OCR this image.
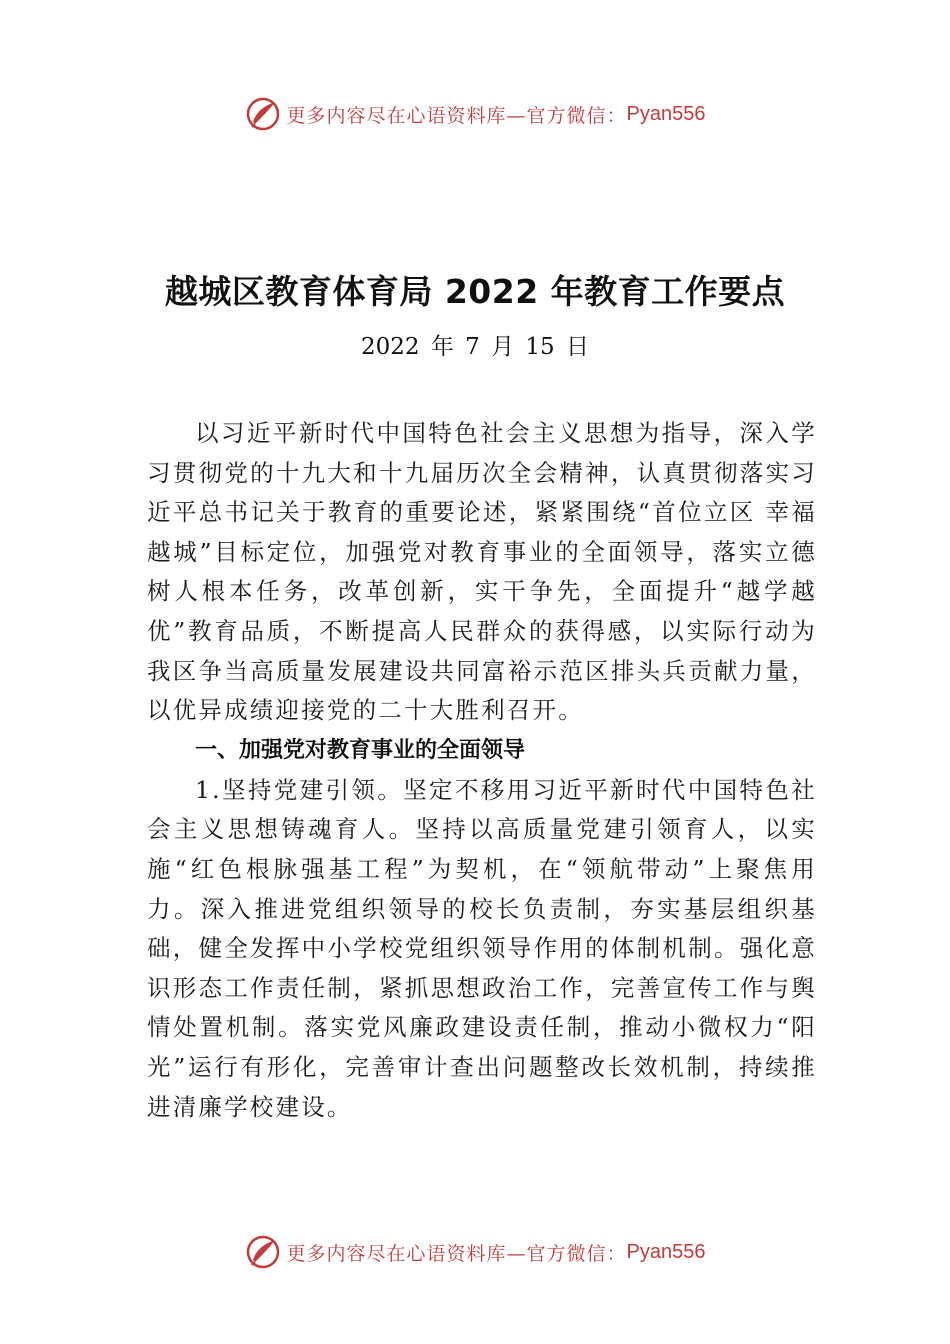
更多内容尽在心语资料库—官方微信： Pyan556
越城区教育体育局 2022 年教育工作要点
2022 年 7 月 15 日

以习近平新时代中国特色社会主义思想为指导，深入学习贯彻党的十九大和十九届历次全会精神，认真贯彻落实习近平总书记关于教育的重要论述，紧紧围绕“首位立区 幸福越城”目标定位，加强党对教育事业的全面领导，落实立德树人根本任务，改革创新，实干争先，全面提升“越学越优”教育品质，不断提高人民群众的获得感，以实际行动为我区争当高质量发展建设共同富裕示范区排头兵贡献力量， 以优异成绩迎接党的二十大胜利召开。

一、加强党对教育事业的全面领导

1.坚持党建引领。坚定不移用习近平新时代中国特色社会主义思想铸魂育人。坚持以高质量党建引领育人，以实施“红色根脉强基工程”为契机，在“领航带动”上聚焦用力。深入推进党组织领导的校长负责制，夯实基层组织基础，健全发挥中小学校党组织领导作用的体制机制。强化意识形态工作责任制，紧抓思想政治工作，完善宣传工作与舆情处置机制。落实党风廉政建设责任制，推动小微权力“阳光”运行有形化，完善审计查出问题整改长效机制，持续推进清廉学校建设。

更多内容尽在心语资料库—官方微信： Pyan556
